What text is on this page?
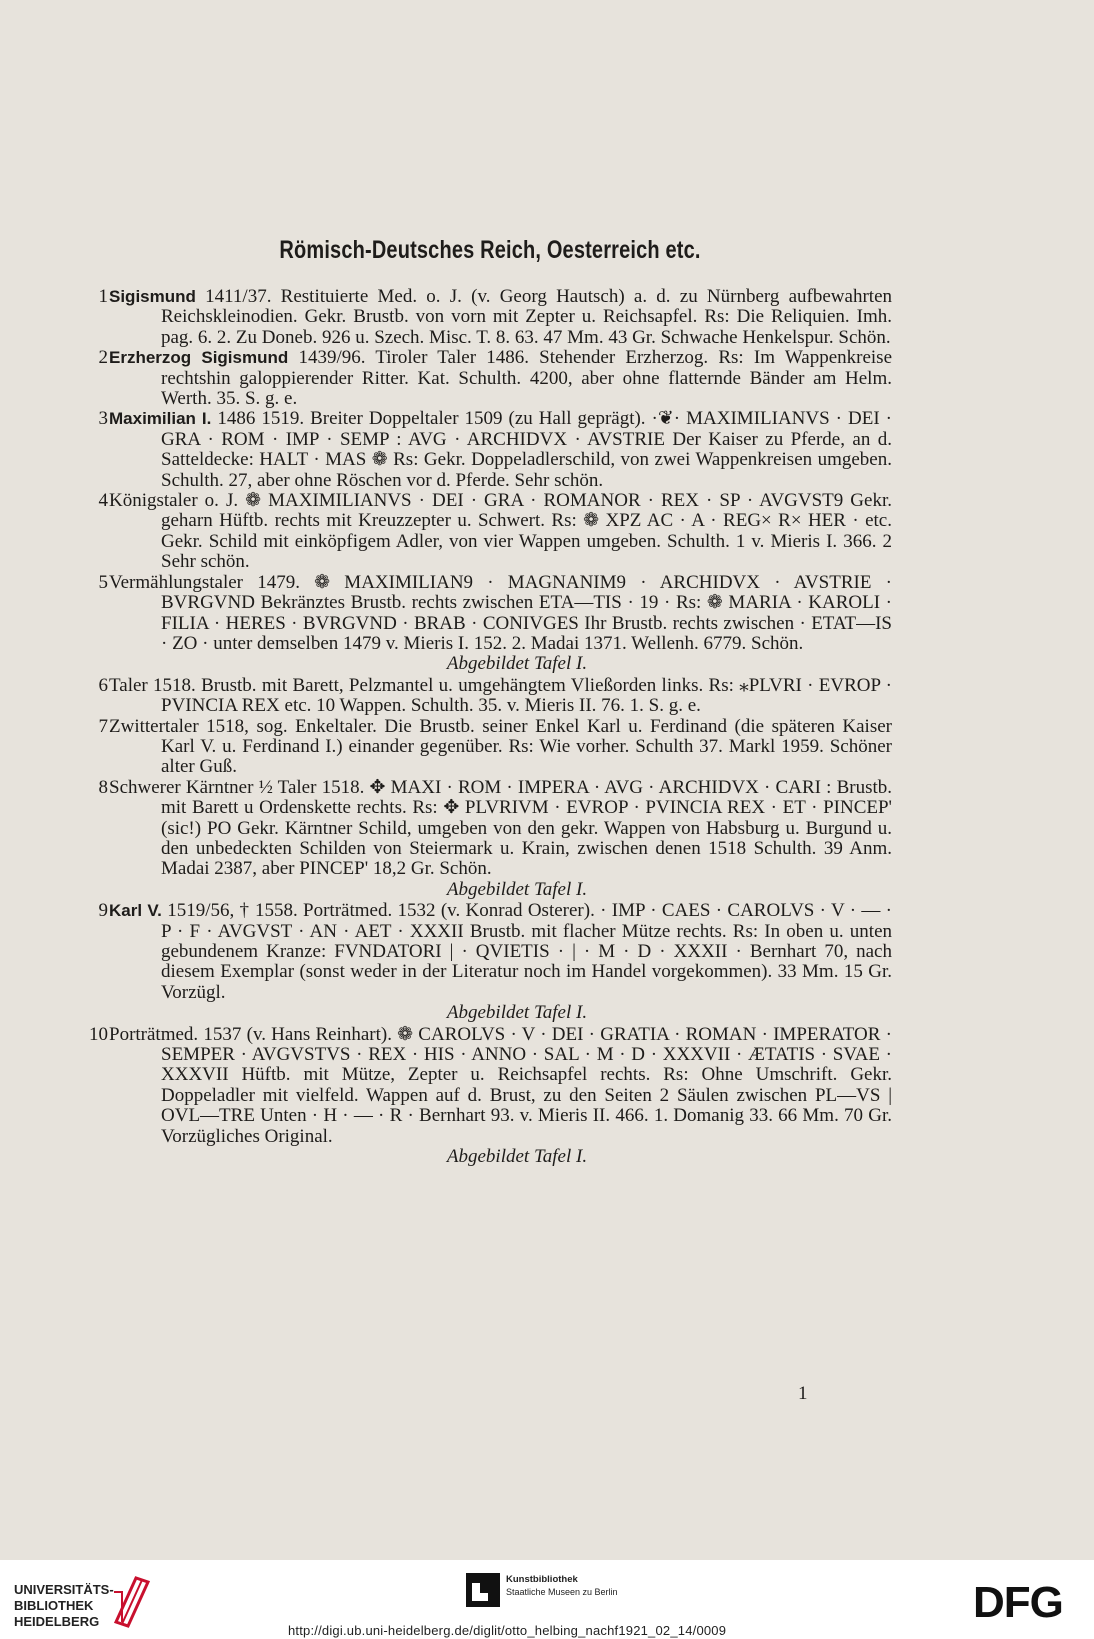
Römisch-Deutsches Reich, Oesterreich etc.
1 Sigismund 1411/37. Restituierte Med. o. J. (v. Georg Hautsch) a. d. zu Nürnberg aufbewahrten Reichskleinodien. Gekr. Brustb. von vorn mit Zepter u. Reichsapfel. Rs: Die Reliquien. Imh. pag. 6. 2. Zu Doneb. 926 u. Szech. Misc. T. 8. 63. 47 Mm. 43 Gr. Schwache Henkelspur. Schön.
2 Erzherzog Sigismund 1439/96. Tiroler Taler 1486. Stehender Erzherzog. Rs: Im Wappenkreise rechtshin galoppierender Ritter. Kat. Schulth. 4200, aber ohne flatternde Bänder am Helm. Werth. 35. S. g. e.
3 Maximilian I. 1486 1519. Breiter Doppeltaler 1509 (zu Hall geprägt). ·❦· MAXIMILIANVS · DEI · GRA · ROM · IMP · SEMP : AVG · ARCHIDVX · AVSTRIE Der Kaiser zu Pferde, an d. Satteldecke: HALT · MAS ❁ Rs: Gekr. Doppeladlerschild, von zwei Wappenkreisen umgeben. Schulth. 27, aber ohne Röschen vor d. Pferde. Sehr schön.
4 Königstaler o. J. ❁ MAXIMILIANVS · DEI · GRA · ROMANOR · REX · SP · AVGVST9 Gekr. geharn Hüftb. rechts mit Kreuzzepter u. Schwert. Rs: ❁ XPZ AC · A · REG× R× HER · etc. Gekr. Schild mit einköpfigem Adler, von vier Wappen umgeben. Schulth. 1 v. Mieris I. 366. 2 Sehr schön.
5 Vermählungstaler 1479. ❁ MAXIMILIAN9 · MAGNANIM9 · ARCHIDVX · AVSTRIE · BVRGVND Bekränztes Brustb. rechts zwischen ETA—TIS · 19 · Rs: ❁ MARIA · KAROLI · FILIA · HERES · BVRGVND · BRAB · CONIVGES Ihr Brustb. rechts zwischen · ETAT—IS · ZO · unter demselben 1479 v. Mieris I. 152. 2. Madai 1371. Wellenh. 6779. Schön.
Abgebildet Tafel I.
6 Taler 1518. Brustb. mit Barett, Pelzmantel u. umgehängtem Vließorden links. Rs: ⁎PLVRI · EVROP · PVINCIA REX etc. 10 Wappen. Schulth. 35. v. Mieris II. 76. 1. S. g. e.
7 Zwittertaler 1518, sog. Enkeltaler. Die Brustb. seiner Enkel Karl u. Ferdinand (die späteren Kaiser Karl V. u. Ferdinand I.) einander gegenüber. Rs: Wie vorher. Schulth 37. Markl 1959. Schöner alter Guß.
8 Schwerer Kärntner ½ Taler 1518. ✥ MAXI · ROM · IMPERA · AVG · ARCHIDVX · CARI : Brustb. mit Barett u Ordenskette rechts. Rs: ✥ PLVRIVM · EVROP · PVINCIA REX · ET · PINCEP' (sic!) PO Gekr. Kärntner Schild, umgeben von den gekr. Wappen von Habsburg u. Burgund u. den unbedeckten Schilden von Steiermark u. Krain, zwischen denen 1518 Schulth. 39 Anm. Madai 2387, aber PINCEP' 18,2 Gr. Schön.
Abgebildet Tafel I.
9 Karl V. 1519/56, † 1558. Porträtmed. 1532 (v. Konrad Osterer). · IMP · CAES · CAROLVS · V · — · P · F · AVGVST · AN · AET · XXXII Brustb. mit flacher Mütze rechts. Rs: In oben u. unten gebundenem Kranze: FVNDATORI | · QVIETIS · | · M · D · XXXII · Bernhart 70, nach diesem Exemplar (sonst weder in der Literatur noch im Handel vorgekommen). 33 Mm. 15 Gr. Vorzügl.
Abgebildet Tafel I.
10 Porträtmed. 1537 (v. Hans Reinhart). ❁ CAROLVS · V · DEI · GRATIA · ROMAN · IMPERATOR · SEMPER · AVGVSTVS · REX · HIS · ANNO · SAL · M · D · XXXVII · ÆTATIS · SVAE · XXXVII Hüftb. mit Mütze, Zepter u. Reichsapfel rechts. Rs: Ohne Umschrift. Gekr. Doppeladler mit vielfeld. Wappen auf d. Brust, zu den Seiten 2 Säulen zwischen PL—VS | OVL—TRE Unten · H · — · R · Bernhart 93. v. Mieris II. 466. 1. Domanig 33. 66 Mm. 70 Gr. Vorzügliches Original.
Abgebildet Tafel I.
1
UNIVERSITÄTS-
BIBLIOTHEK
HEIDELBERG
Kunstbibliothek
Staatliche Museen zu Berlin	DFG
http://digi.ub.uni-heidelberg.de/diglit/otto_helbing_nachf1921_02_14/0009
